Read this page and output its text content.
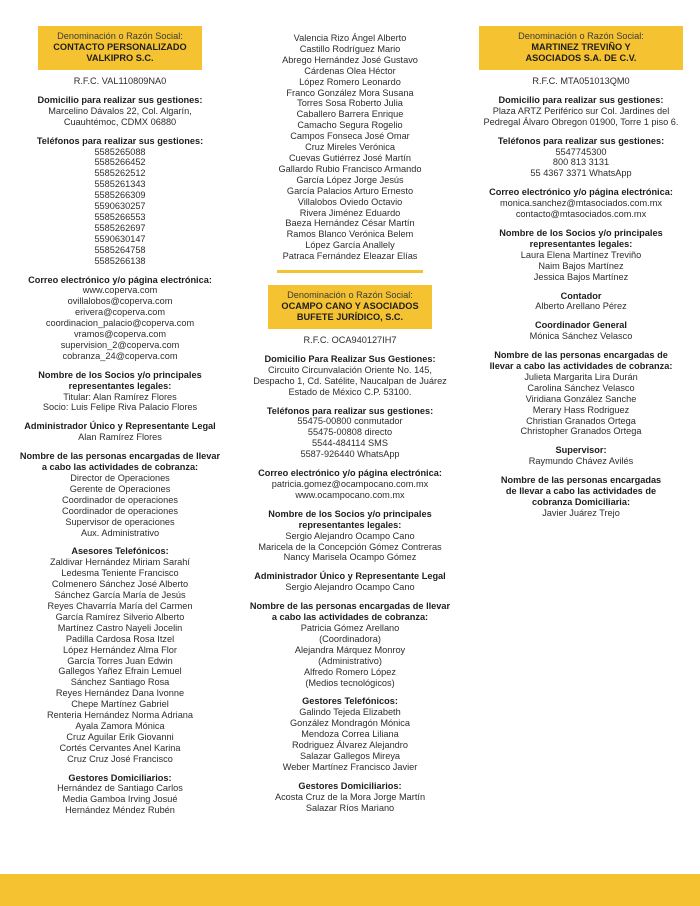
Denominación o Razón Social:
CONTACTO PERSONALIZADO
VALKIPRO S.C.
R.F.C. VAL110809NA0
Domicilio para realizar sus gestiones:
Marcelino Dávalos 22, Col. Algarín,
Cuauhtémoc, CDMX 06880
Teléfonos para realizar sus gestiones:
5585265088
5585266452
5585262512
5585261343
5585266309
5590630257
5585266553
5585262697
5590630147
5585264758
5585266138
Correo electrónico y/o página electrónica:
www.coperva.com
ovillalobos@coperva.com
erivera@coperva.com
coordinacion_palacio@coperva.com
vramos@coperva.com
supervision_2@coperva.com
cobranza_24@coperva.com
Nombre de los Socios y/o principales
representantes legales:
Titular: Alan Ramírez Flores
Socio: Luis Felipe Riva Palacio Flores
Administrador Único y Representante Legal
Alan Ramírez Flores
Nombre de las personas encargadas de llevar
a cabo las actividades de cobranza:
Director de Operaciones
Gerente de Operaciones
Coordinador de operaciones
Coordinador de operaciones
Supervisor de operaciones
Aux. Administrativo
Asesores Telefónicos:
Zaldivar Hernández Miriam Sarahí
Ledesma Teniente Francisco
Colmenero Sánchez José Alberto
Sánchez García María de Jesús
Reyes Chavarría María del Carmen
García Ramírez Silverio Alberto
Martínez Castro Nayeli Jocelin
Padilla Cardosa Rosa Itzel
López Hernández Alma Flor
García Torres Juan Edwin
Gallegos Yañez Efrain Lemuel
Sánchez Santiago Rosa
Reyes Hernández Dana Ivonne
Chepe Martínez Gabriel
Renteria Hernández Norma Adriana
Ayala Zamora Mónica
Cruz Aguilar Erik Giovanni
Cortés Cervantes Anel Karina
Cruz Cruz José Francisco
Gestores Domiciliarios:
Hernández de Santiago Carlos
Media Gamboa Irving Josué
Hernández Méndez Rubén
Valencia Rizo Ángel Alberto
Castillo Rodríguez Mario
Abrego Hernández José Gustavo
Cárdenas Olea Héctor
López Romero Leonardo
Franco González Mora Susana
Torres Sosa Roberto Julia
Caballero Barrera Enrique
Camacho Segura Rogelio
Campos Fonseca José Omar
Cruz Mireles Verónica
Cuevas Gutiérrez José Martín
Gallardo Rubio Francisco Armando
García López Jorge Jesús
García Palacios Arturo Ernesto
Villalobos Oviedo Octavio
Rivera Jiménez Eduardo
Baeza Hernández César Martín
Ramos Blanco Verónica Belem
López García Anallely
Patraca Fernández Eleazar Elías
Denominación o Razón Social:
OCAMPO CANO Y ASOCIADOS
BUFETE JURÍDICO, S.C.
R.F.C. OCA940127IH7
Domicilio Para Realizar Sus Gestiones:
Circuito Circunvalación Oriente No. 145,
Despacho 1, Cd. Satélite, Naucalpan de Juárez
Estado de México C.P. 53100.
Teléfonos para realizar sus gestiones:
55475-00800 conmutador
55475-00808 directo
5544-484114 SMS
5587-926440 WhatsApp
Correo electrónico y/o página electrónica:
patricia.gomez@ocampocano.com.mx
www.ocampocano.com.mx
Nombre de los Socios y/o principales
representantes legales:
Sergio Alejandro Ocampo Cano
Maricela de la Concepción Gómez Contreras
Nancy Marisela Ocampo Gómez
Administrador Único y Representante Legal
Sergio Alejandro Ocampo Cano
Nombre de las personas encargadas de llevar
a cabo las actividades de cobranza:
Patricia Gómez Arellano
(Coordinadora)
Alejandra Márquez Monroy
(Administrativo)
Alfredo Romero López
(Medios tecnológicos)
Gestores Telefónicos:
Galindo Tejeda Elizabeth
González Mondragón Mónica
Mendoza Correa Liliana
Rodriguez Álvarez Alejandro
Salazar Gallegos Mireya
Weber Martínez Francisco Javier
Gestores Domiciliarios:
Acosta Cruz de la Mora Jorge Martín
Salazar Ríos Mariano
Denominación o Razón Social:
MARTINEZ TREVIÑO Y
ASOCIADOS S.A. DE C.V.
R.F.C. MTA051013QM0
Domicilio para realizar sus gestiones:
Plaza ARTZ Periférico sur Col. Jardines del
Pedregal Álvaro Obregon 01900, Torre 1 piso 6.
Teléfonos para realizar sus gestiones:
5547745300
800 813 3131
55 4367 3371 WhatsApp
Correo electrónico y/o página electrónica:
monica.sanchez@mtasociados.com.mx
contacto@mtasociados.com.mx
Nombre de los Socios y/o principales
representantes legales:
Laura Elena Martínez Treviño
Naim Bajos Martínez
Jessica Bajos Martínez
Contador
Alberto Arellano Pérez
Coordinador General
Mónica Sánchez Velasco
Nombre de las personas encargadas de
llevar a cabo las actividades de cobranza:
Julieta Margarita Lira Durán
Carolina Sánchez Velasco
Viridiana González Sanche
Merary Hass Rodriguez
Christian Granados Ortega
Christopher Granados Ortega
Supervisor:
Raymundo Chávez Avilés
Nombre de las personas encargadas
de llevar a cabo las actividades de
cobranza Domiciliaria:
Javier Juárez Trejo
